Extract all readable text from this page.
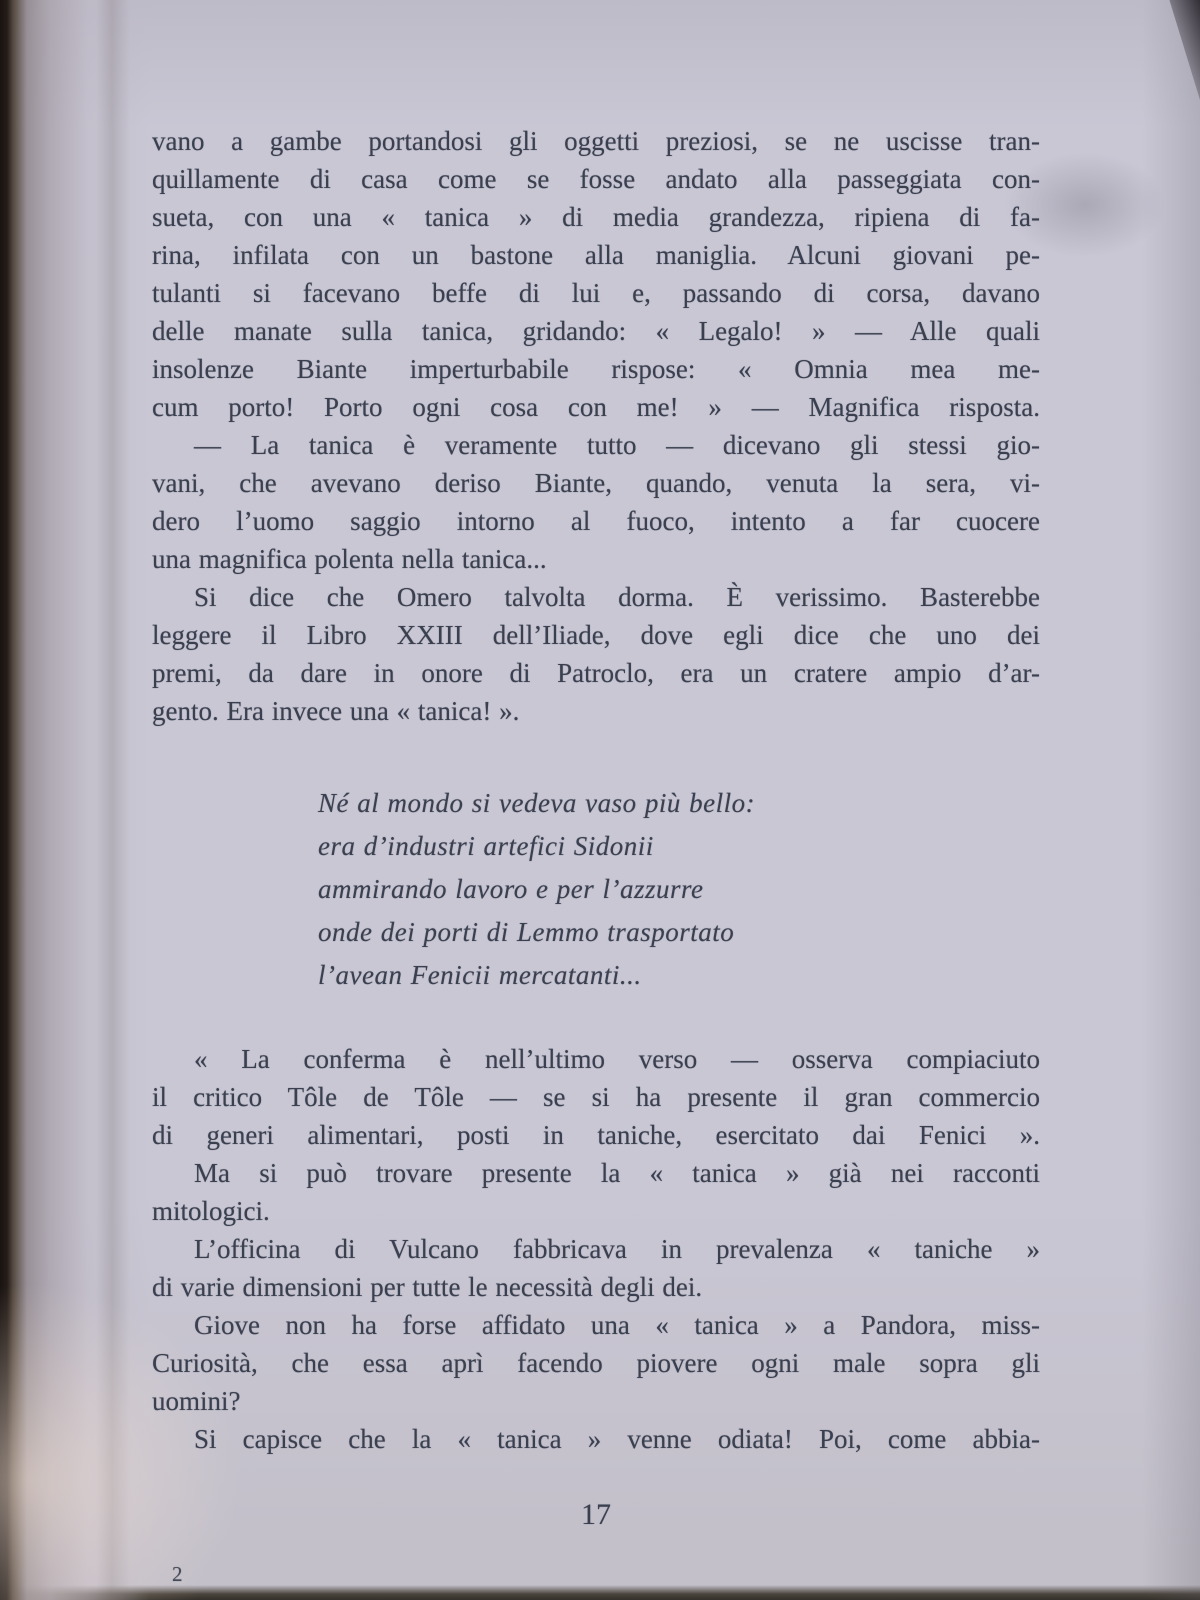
vano a gambe portandosi gli oggetti preziosi, se ne uscisse tran-
quillamente di casa come se fosse andato alla passeggiata con-
sueta, con una « tanica » di media grandezza, ripiena di fa-
rina, infilata con un bastone alla maniglia. Alcuni giovani pe-
tulanti si facevano beffe di lui e, passando di corsa, davano
delle manate sulla tanica, gridando: « Legalo! » — Alle quali
insolenze Biante imperturbabile rispose: « Omnia mea me-
cum porto! Porto ogni cosa con me! » — Magnifica risposta.
— La tanica è veramente tutto — dicevano gli stessi gio-
vani, che avevano deriso Biante, quando, venuta la sera, vi-
dero l’uomo saggio intorno al fuoco, intento a far cuocere
una magnifica polenta nella tanica...
Si dice che Omero talvolta dorma. È verissimo. Basterebbe
leggere il Libro XXIII dell’Iliade, dove egli dice che uno dei
premi, da dare in onore di Patroclo, era un cratere ampio d’ar-
gento. Era invece una « tanica! ».
Né al mondo si vedeva vaso più bello:
era d’industri artefici Sidonii
ammirando lavoro e per l’azzurre
onde dei porti di Lemmo trasportato
l’avean Fenicii mercatanti...
« La conferma è nell’ultimo verso — osserva compiaciuto
il critico Tôle de Tôle — se si ha presente il gran commercio
di generi alimentari, posti in taniche, esercitato dai Fenici ».
Ma si può trovare presente la « tanica » già nei racconti
mitologici.
L’officina di Vulcano fabbricava in prevalenza « taniche »
di varie dimensioni per tutte le necessità degli dei.
Giove non ha forse affidato una « tanica » a Pandora, miss-
Curiosità, che essa aprì facendo piovere ogni male sopra gli
uomini?
Si capisce che la « tanica » venne odiata! Poi, come abbia-
17
2
